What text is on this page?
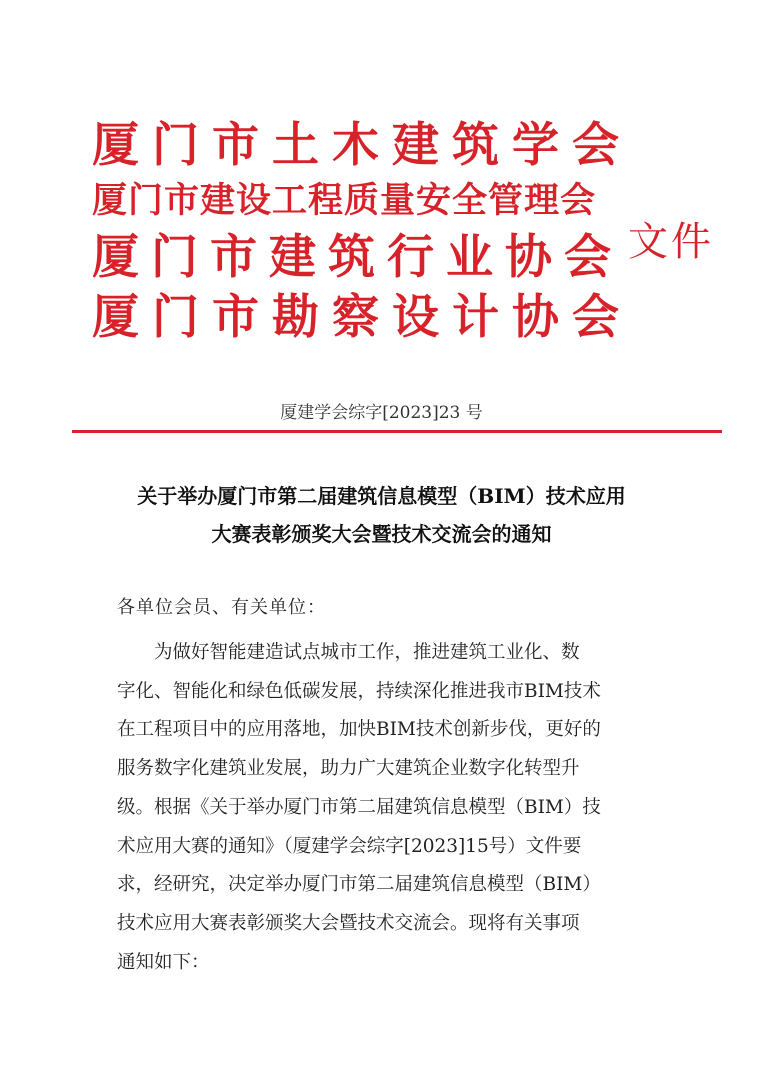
厦门市土木建筑学会
厦门市建设工程质量安全管理会
厦门市建筑行业协会
厦门市勘察设计协会
文件
厦建学会综字[2023]23 号
关于举办厦门市第二届建筑信息模型（BIM）技术应用
大赛表彰颁奖大会暨技术交流会的通知
各单位会员、有关单位：
　　为做好智能建造试点城市工作，推进建筑工业化、数
字化、智能化和绿色低碳发展，持续深化推进我市BIM技术
在工程项目中的应用落地，加快BIM技术创新步伐，更好的
服务数字化建筑业发展，助力广大建筑企业数字化转型升
级。根据《关于举办厦门市第二届建筑信息模型（BIM）技
术应用大赛的通知》（厦建学会综字[2023]15号）文件要
求，经研究，决定举办厦门市第二届建筑信息模型（BIM）
技术应用大赛表彰颁奖大会暨技术交流会。现将有关事项
通知如下：
